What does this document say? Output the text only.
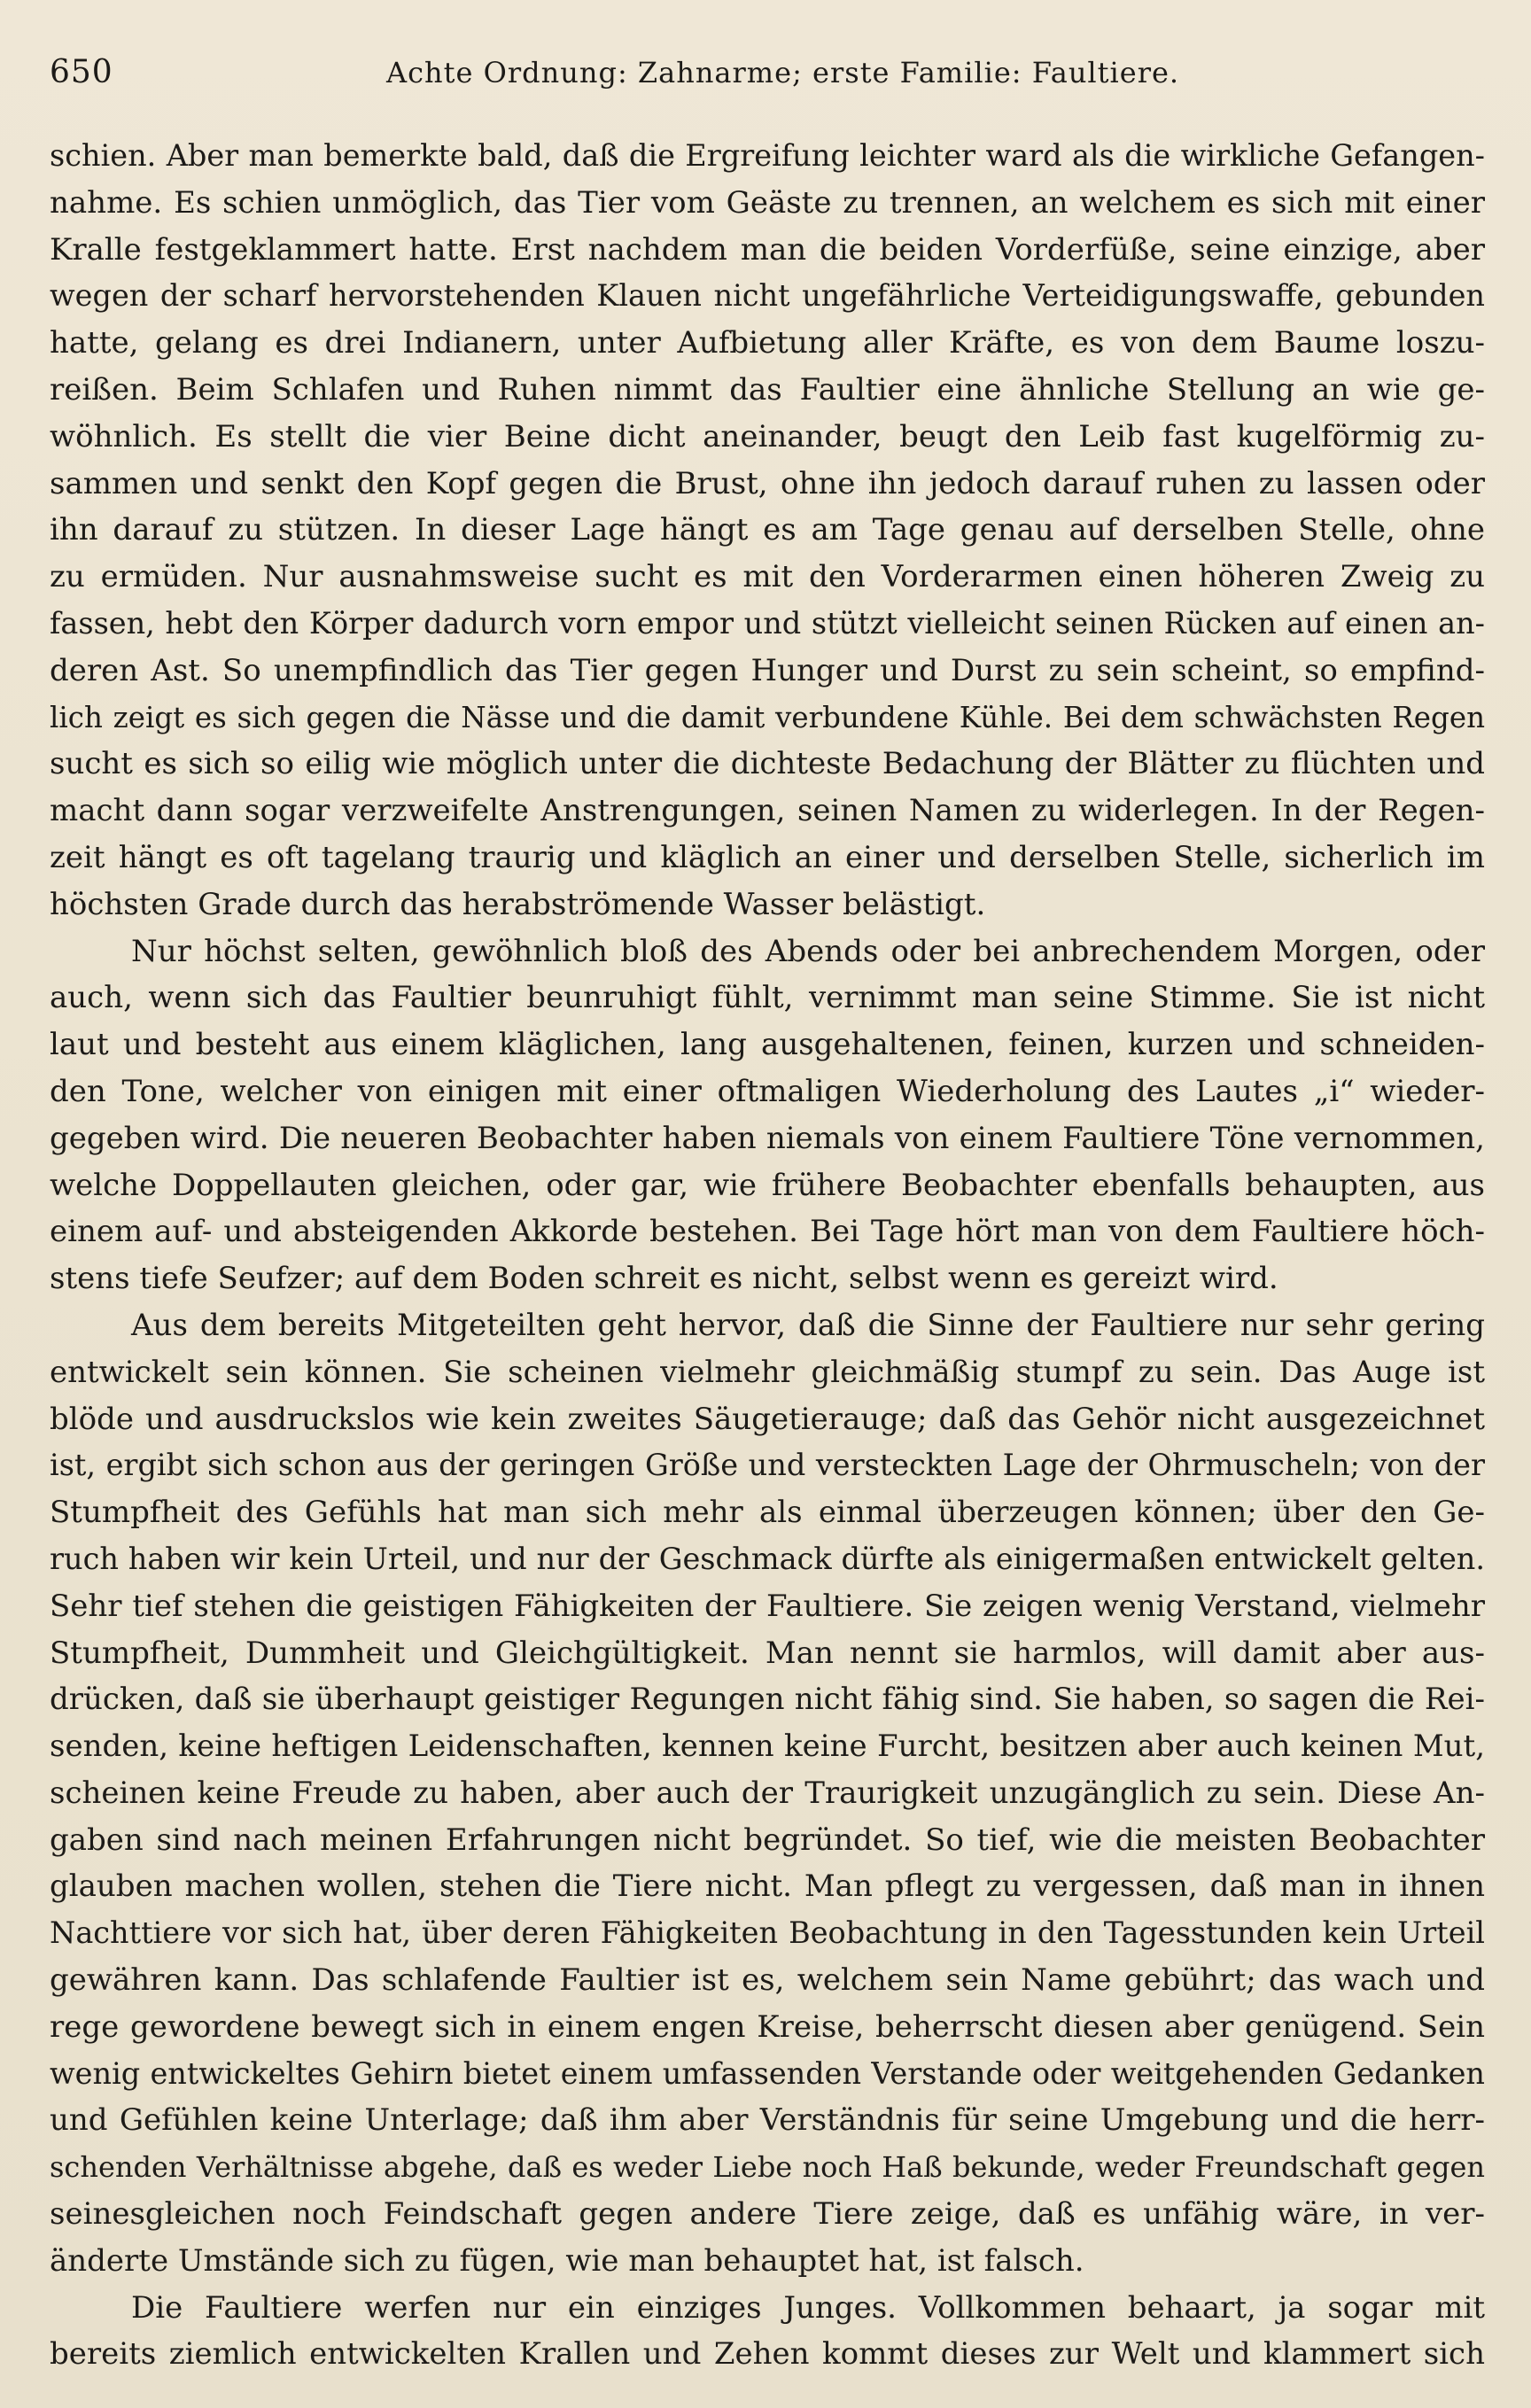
650	Achte Ordnung: Zahnarme; erste Familie: Faultiere.
schien. Aber man bemerkte bald, daß die Ergreifung leichter ward als die wirkliche Gefangen-
nahme. Es schien unmöglich, das Tier vom Geäste zu trennen, an welchem es sich mit einer
Kralle festgeklammert hatte. Erst nachdem man die beiden Vorderfüße, seine einzige, aber
wegen der scharf hervorstehenden Klauen nicht ungefährliche Verteidigungswaffe, gebunden
hatte, gelang es drei Indianern, unter Aufbietung aller Kräfte, es von dem Baume loszu-
reißen. Beim Schlafen und Ruhen nimmt das Faultier eine ähnliche Stellung an wie ge-
wöhnlich. Es stellt die vier Beine dicht aneinander, beugt den Leib fast kugelförmig zu-
sammen und senkt den Kopf gegen die Brust, ohne ihn jedoch darauf ruhen zu lassen oder
ihn darauf zu stützen. In dieser Lage hängt es am Tage genau auf derselben Stelle, ohne
zu ermüden. Nur ausnahmsweise sucht es mit den Vorderarmen einen höheren Zweig zu
fassen, hebt den Körper dadurch vorn empor und stützt vielleicht seinen Rücken auf einen an-
deren Ast. So unempfindlich das Tier gegen Hunger und Durst zu sein scheint, so empfind-
lich zeigt es sich gegen die Nässe und die damit verbundene Kühle. Bei dem schwächsten Regen
sucht es sich so eilig wie möglich unter die dichteste Bedachung der Blätter zu flüchten und
macht dann sogar verzweifelte Anstrengungen, seinen Namen zu widerlegen. In der Regen-
zeit hängt es oft tagelang traurig und kläglich an einer und derselben Stelle, sicherlich im
höchsten Grade durch das herabströmende Wasser belästigt.
Nur höchst selten, gewöhnlich bloß des Abends oder bei anbrechendem Morgen, oder
auch, wenn sich das Faultier beunruhigt fühlt, vernimmt man seine Stimme. Sie ist nicht
laut und besteht aus einem kläglichen, lang ausgehaltenen, feinen, kurzen und schneiden-
den Tone, welcher von einigen mit einer oftmaligen Wiederholung des Lautes „i“ wieder-
gegeben wird. Die neueren Beobachter haben niemals von einem Faultiere Töne vernommen,
welche Doppellauten gleichen, oder gar, wie frühere Beobachter ebenfalls behaupten, aus
einem auf- und absteigenden Akkorde bestehen. Bei Tage hört man von dem Faultiere höch-
stens tiefe Seufzer; auf dem Boden schreit es nicht, selbst wenn es gereizt wird.
Aus dem bereits Mitgeteilten geht hervor, daß die Sinne der Faultiere nur sehr gering
entwickelt sein können. Sie scheinen vielmehr gleichmäßig stumpf zu sein. Das Auge ist
blöde und ausdruckslos wie kein zweites Säugetierauge; daß das Gehör nicht ausgezeichnet
ist, ergibt sich schon aus der geringen Größe und versteckten Lage der Ohrmuscheln; von der
Stumpfheit des Gefühls hat man sich mehr als einmal überzeugen können; über den Ge-
ruch haben wir kein Urteil, und nur der Geschmack dürfte als einigermaßen entwickelt gelten.
Sehr tief stehen die geistigen Fähigkeiten der Faultiere. Sie zeigen wenig Verstand, vielmehr
Stumpfheit, Dummheit und Gleichgültigkeit. Man nennt sie harmlos, will damit aber aus-
drücken, daß sie überhaupt geistiger Regungen nicht fähig sind. Sie haben, so sagen die Rei-
senden, keine heftigen Leidenschaften, kennen keine Furcht, besitzen aber auch keinen Mut,
scheinen keine Freude zu haben, aber auch der Traurigkeit unzugänglich zu sein. Diese An-
gaben sind nach meinen Erfahrungen nicht begründet. So tief, wie die meisten Beobachter
glauben machen wollen, stehen die Tiere nicht. Man pflegt zu vergessen, daß man in ihnen
Nachttiere vor sich hat, über deren Fähigkeiten Beobachtung in den Tagesstunden kein Urteil
gewähren kann. Das schlafende Faultier ist es, welchem sein Name gebührt; das wach und
rege gewordene bewegt sich in einem engen Kreise, beherrscht diesen aber genügend. Sein
wenig entwickeltes Gehirn bietet einem umfassenden Verstande oder weitgehenden Gedanken
und Gefühlen keine Unterlage; daß ihm aber Verständnis für seine Umgebung und die herr-
schenden Verhältnisse abgehe, daß es weder Liebe noch Haß bekunde, weder Freundschaft gegen
seinesgleichen noch Feindschaft gegen andere Tiere zeige, daß es unfähig wäre, in ver-
änderte Umstände sich zu fügen, wie man behauptet hat, ist falsch.
Die Faultiere werfen nur ein einziges Junges. Vollkommen behaart, ja sogar mit
bereits ziemlich entwickelten Krallen und Zehen kommt dieses zur Welt und klammert sich
